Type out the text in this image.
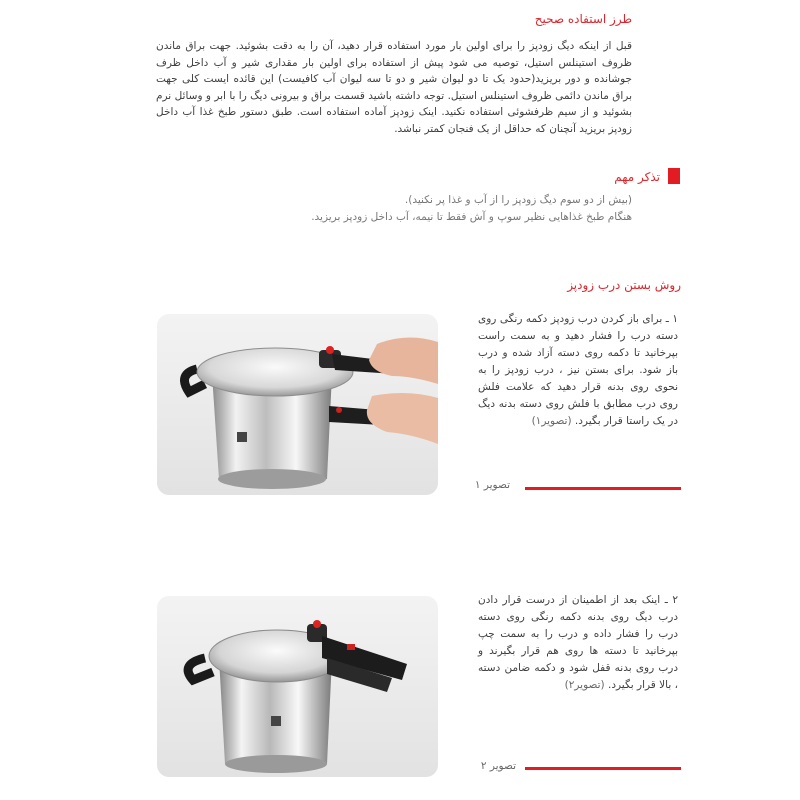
طرز استفاده صحیح
قبل از اینکه دیگ زودپز را برای اولین بار مورد استفاده قرار دهید، آن را به دقت بشوئید. جهت براق ماندن ظروف استینلس استیل، توصیه می شود پیش از استفاده برای اولین بار مقداری شیر و آب داخل ظرف جوشانده و دور بریزید(حدود یک تا دو لیوان شیر و دو تا سه لیوان آب کافیست) این قائده ایست کلی جهت براق ماندن دائمی ظروف استینلس استیل. توجه داشته باشید قسمت براق و بیرونی دیگ را با ابر و وسائل نرم بشوئید و از سیم ظرفشوئی استفاده نکنید. اینک زودپز آماده استفاده است. طبق دستور طبخ غذا آب داخل زودپز بریزید آنچنان که حداقل از یک فنجان کمتر نباشد.
تذکر مهم
(بیش از دو سوم دیگ زودپز را از آب و غذا پر نکنید).
هنگام طبخ غذاهایی نظیر سوپ و آش فقط تا نیمه، آب داخل زودپز بریزید.
روش بستن درب زودپز
۱ ـ برای باز کردن درب زودپز دکمه رنگی روی دسته درب را فشار دهید و به سمت راست بپرخانید تا دکمه روی دسته آزاد شده و درب باز شود. برای بستن نیز ، درب زودپز را به نحوی روی بدنه قرار دهید که علامت فلش روی درب مطابق با فلش روی دسته بدنه دیگ در یک راستا قرار بگیرد. (تصویر۱)
تصویر ۱
۲ ـ اینک بعد از اطمینان از درست قرار دادن درب دیگ روی بدنه دکمه رنگی روی دسته درب را فشار داده و درب را به سمت چپ بپرخانید تا دسته ها روی هم قرار بگیرند و درب روی بدنه قفل شود و دکمه ضامن دسته ، بالا قرار بگیرد. (تصویر۲)
تصویر ۲
